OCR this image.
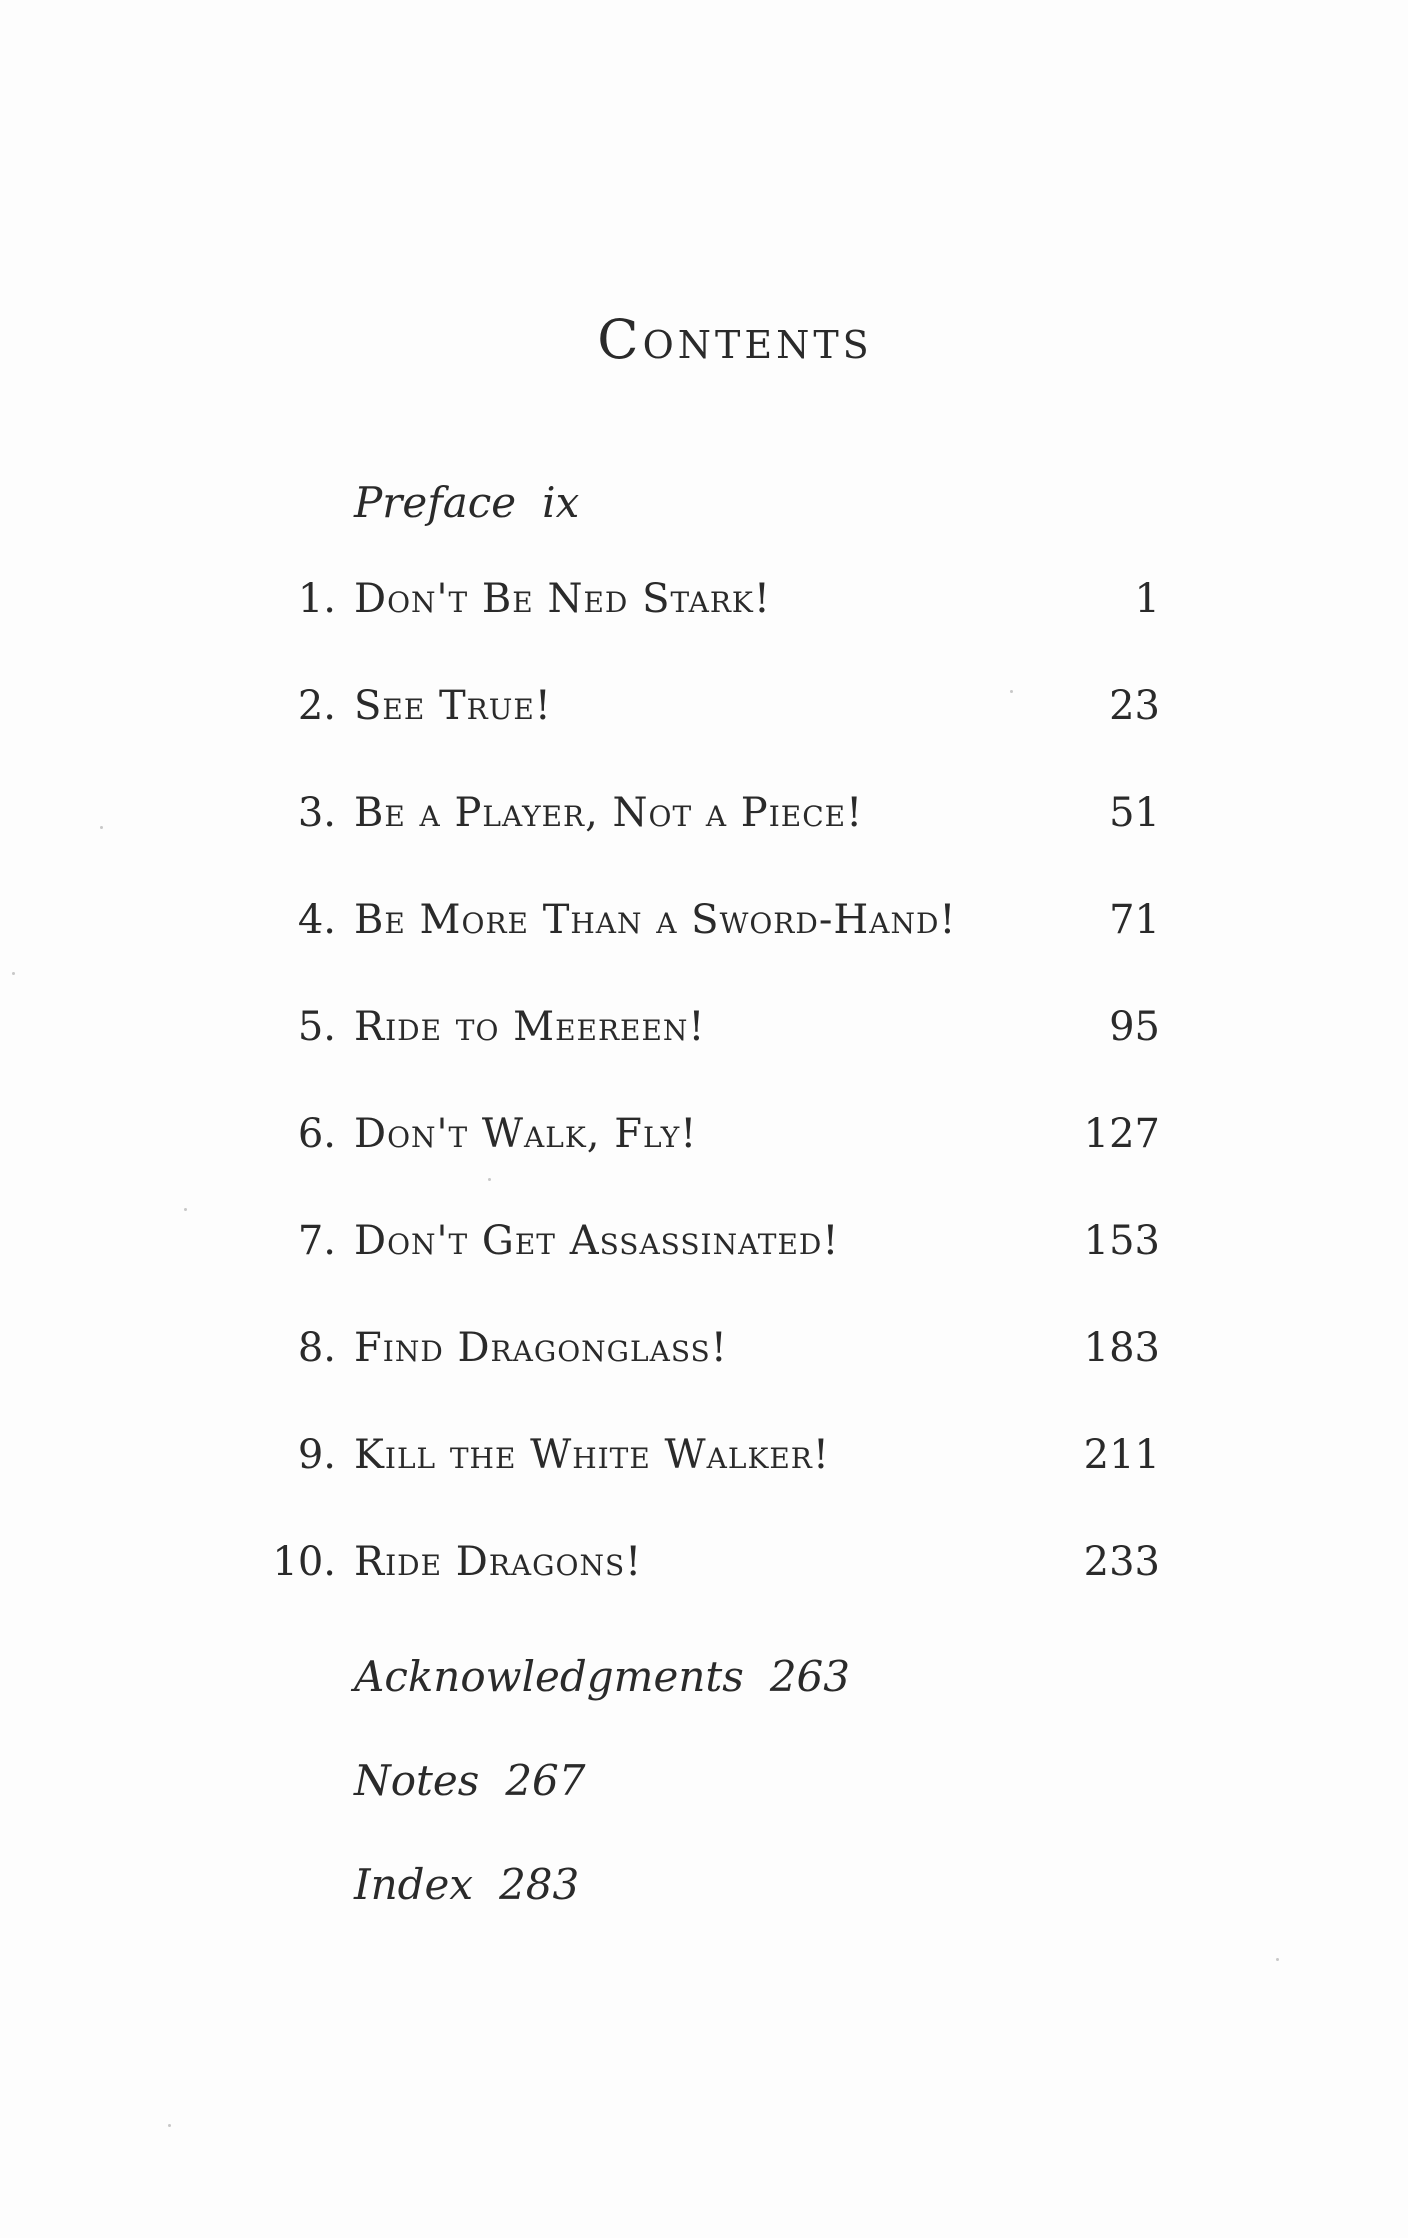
Contents
Preface ix
1. Don't Be Ned Stark!	1
2. See True!	23
3. Be a Player, Not a Piece!	51
4. Be More Than a Sword-Hand!	71
5. Ride to Meereen!	95
6. Don't Walk, Fly!	127
7. Don't Get Assassinated!	153
8. Find Dragonglass!	183
9. Kill the White Walker!	211
10. Ride Dragons!	233
Acknowledgments 263
Notes 267
Index 283
